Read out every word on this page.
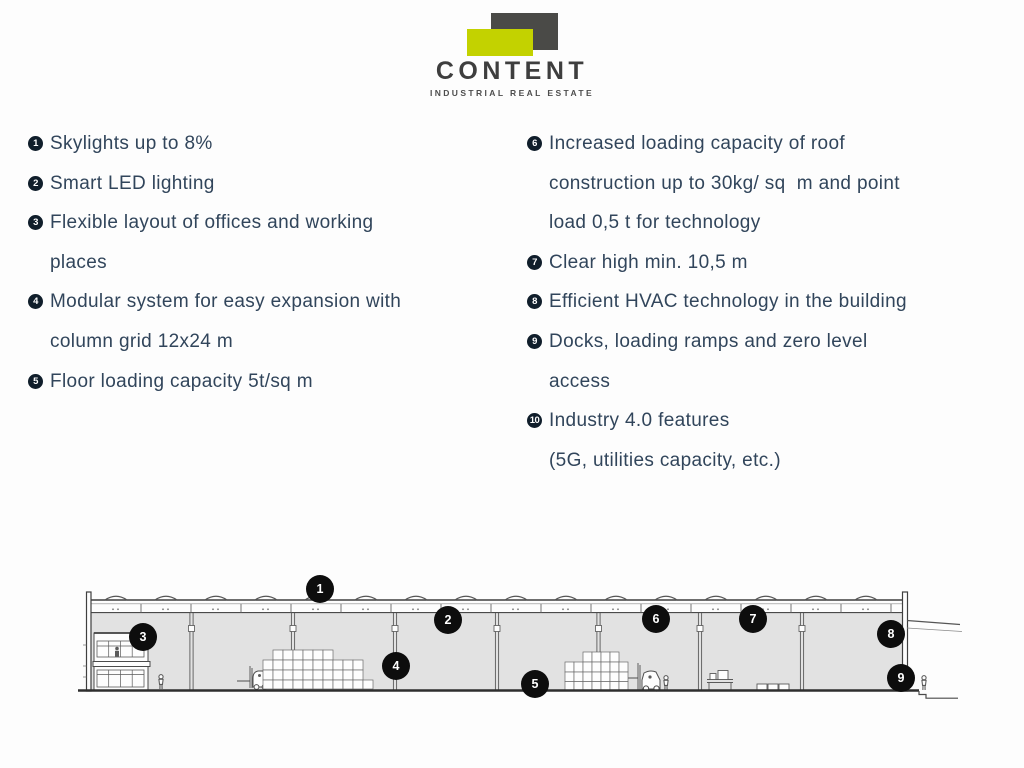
CONTENT
INDUSTRIAL REAL ESTATE
1 Skylights up to 8%
2 Smart LED lighting
3 Flexible layout of offices and working
places
4 Modular system for easy expansion with
column grid 12x24 m
5 Floor loading capacity 5t/sq m
6 Increased loading capacity of roof
construction up to 30kg/ sq  m and point
load 0,5 t for technology
7 Clear high min. 10,5 m
8 Efficient HVAC technology in the building
9 Docks, loading ramps and zero level
access
10 Industry 4.0 features
(5G, utilities capacity, etc.)
1
2
3
4
5
6	7
8
9
